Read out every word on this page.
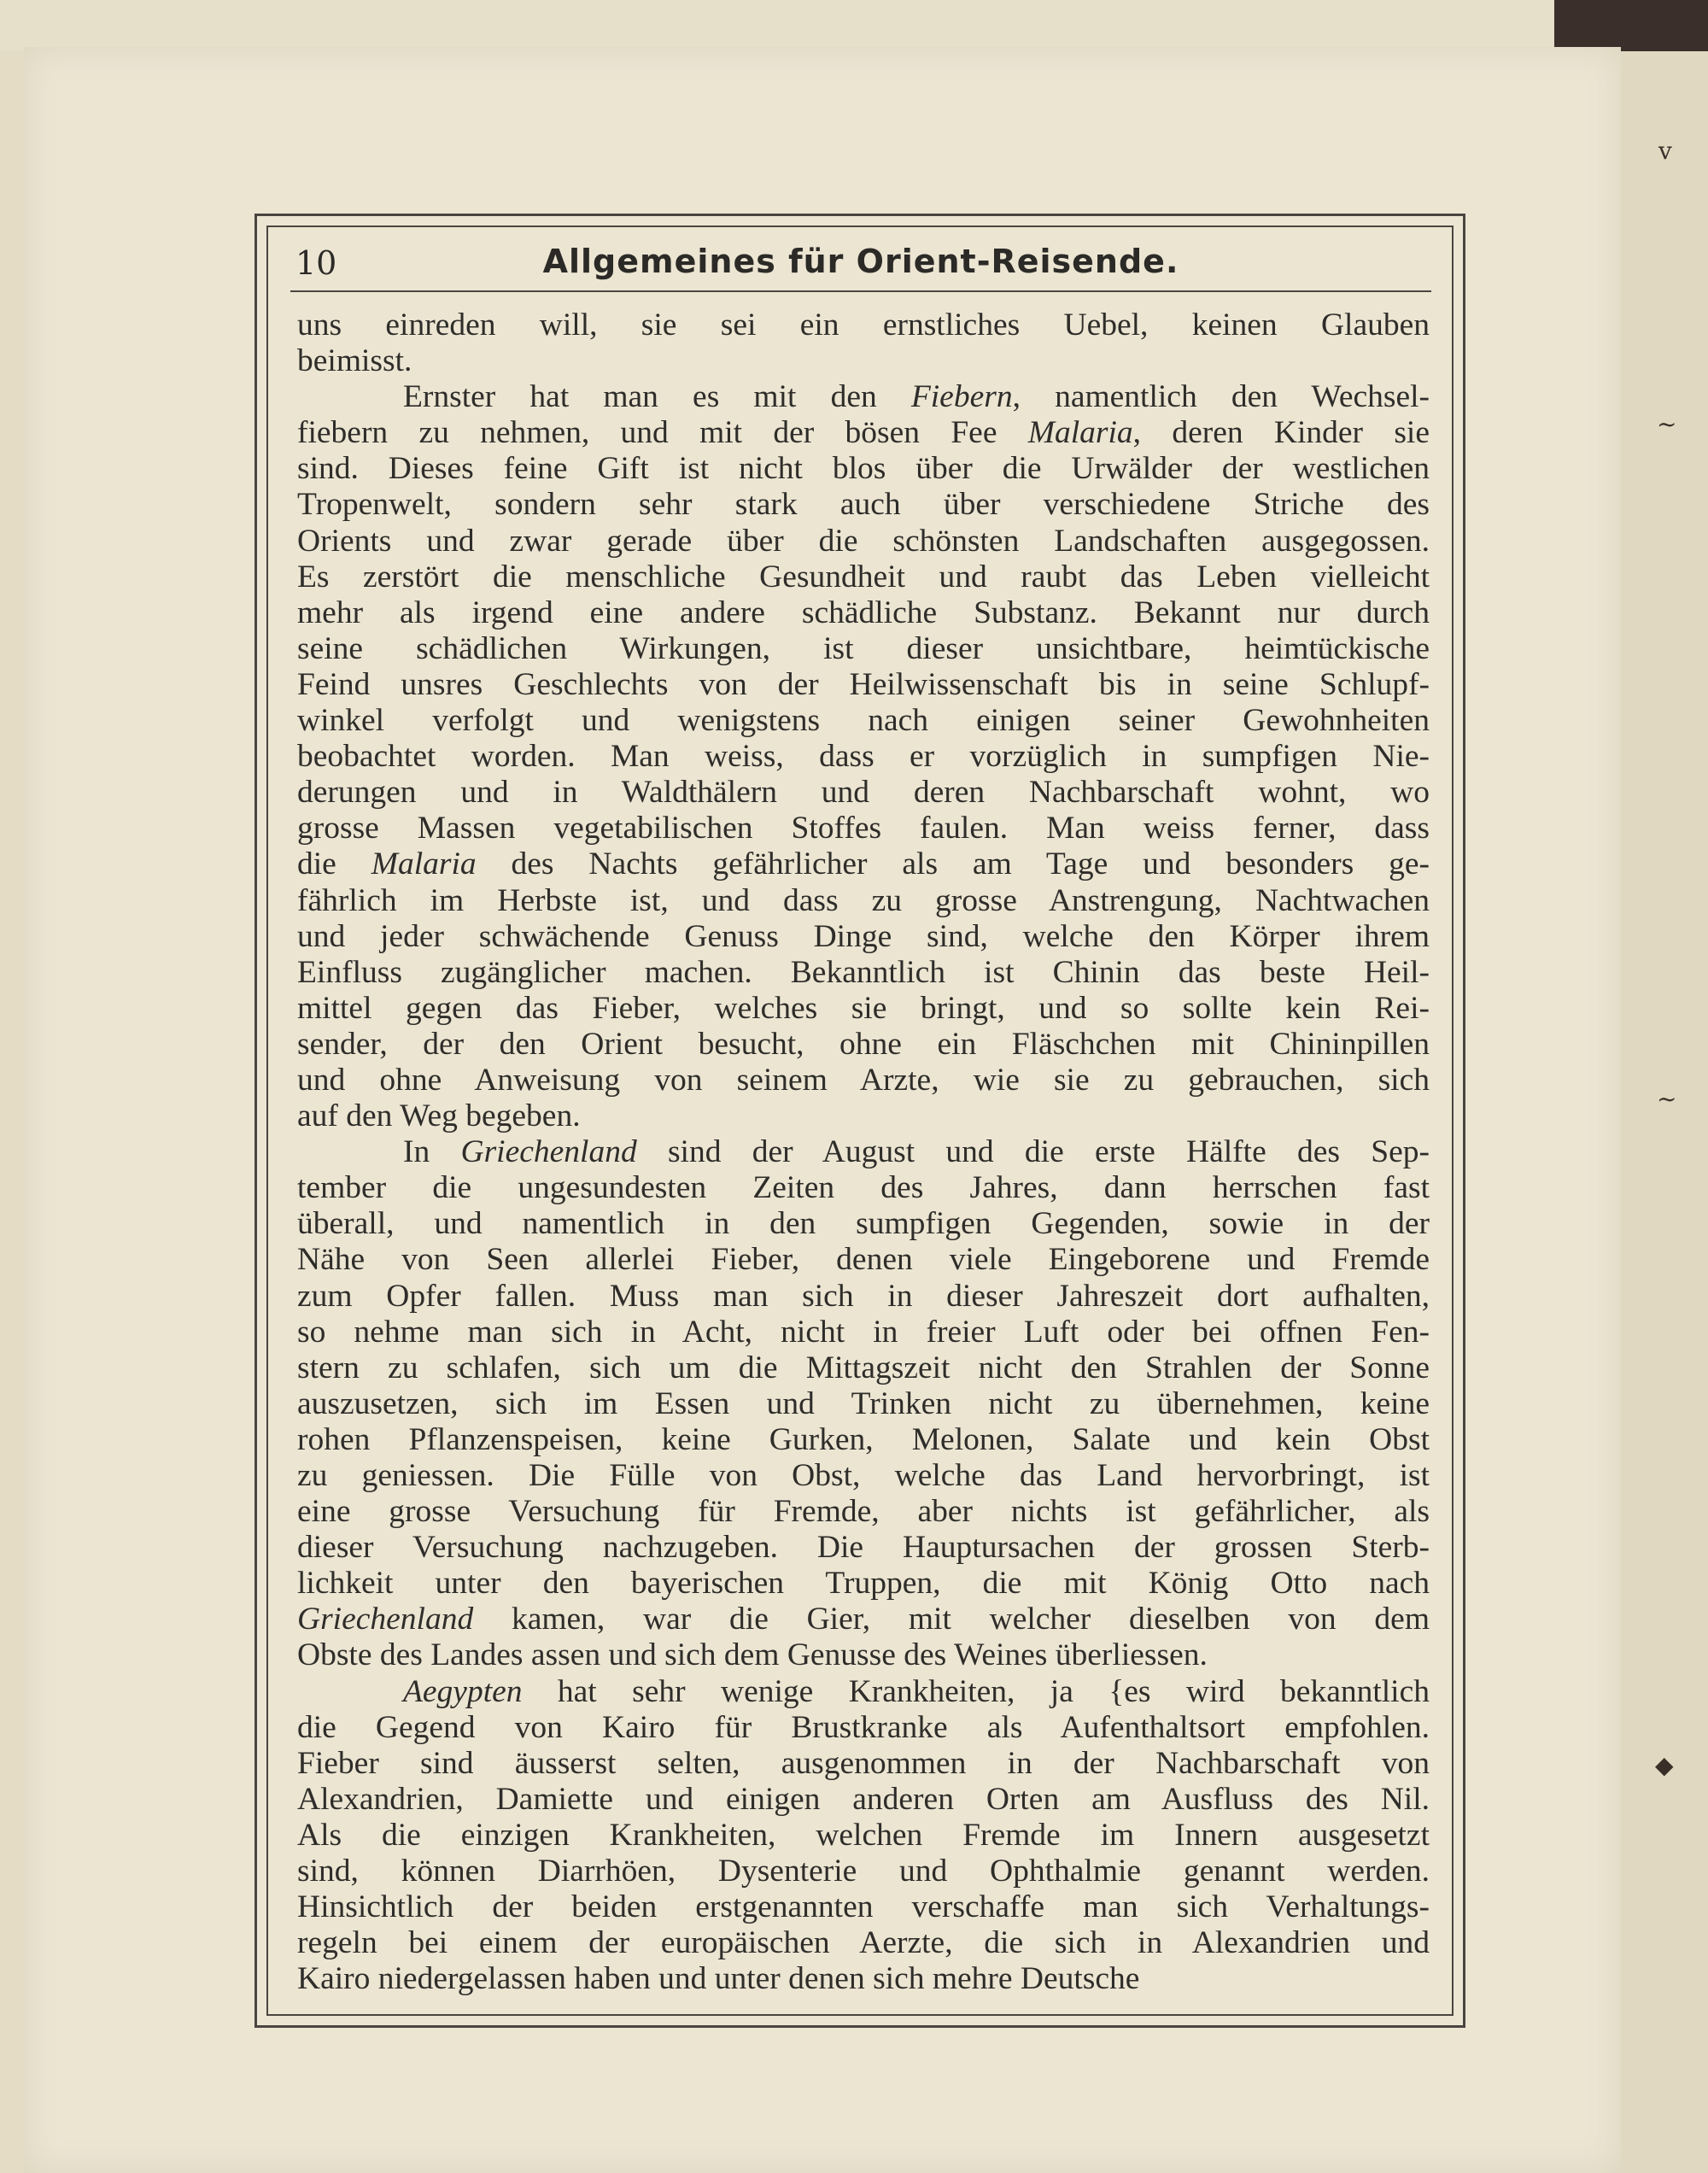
v
~
~
◆
10	Allgemeines für Orient-Reisende.
uns einreden will, sie sei ein ernstliches Uebel, keinen Glauben
beimisst.
Ernster hat man es mit den Fiebern, namentlich den Wechsel-
fiebern zu nehmen, und mit der bösen Fee Malaria, deren Kinder sie
sind. Dieses feine Gift ist nicht blos über die Urwälder der westlichen
Tropenwelt, sondern sehr stark auch über verschiedene Striche des
Orients und zwar gerade über die schönsten Landschaften ausgegossen.
Es zerstört die menschliche Gesundheit und raubt das Leben vielleicht
mehr als irgend eine andere schädliche Substanz. Bekannt nur durch
seine schädlichen Wirkungen, ist dieser unsichtbare, heimtückische
Feind unsres Geschlechts von der Heilwissenschaft bis in seine Schlupf-
winkel verfolgt und wenigstens nach einigen seiner Gewohnheiten
beobachtet worden. Man weiss, dass er vorzüglich in sumpfigen Nie-
derungen und in Waldthälern und deren Nachbarschaft wohnt, wo
grosse Massen vegetabilischen Stoffes faulen. Man weiss ferner, dass
die Malaria des Nachts gefährlicher als am Tage und besonders ge-
fährlich im Herbste ist, und dass zu grosse Anstrengung, Nachtwachen
und jeder schwächende Genuss Dinge sind, welche den Körper ihrem
Einfluss zugänglicher machen. Bekanntlich ist Chinin das beste Heil-
mittel gegen das Fieber, welches sie bringt, und so sollte kein Rei-
sender, der den Orient besucht, ohne ein Fläschchen mit Chininpillen
und ohne Anweisung von seinem Arzte, wie sie zu gebrauchen, sich
auf den Weg begeben.
In Griechenland sind der August und die erste Hälfte des Sep-
tember die ungesundesten Zeiten des Jahres, dann herrschen fast
überall, und namentlich in den sumpfigen Gegenden, sowie in der
Nähe von Seen allerlei Fieber, denen viele Eingeborene und Fremde
zum Opfer fallen. Muss man sich in dieser Jahreszeit dort aufhalten,
so nehme man sich in Acht, nicht in freier Luft oder bei offnen Fen-
stern zu schlafen, sich um die Mittagszeit nicht den Strahlen der Sonne
auszusetzen, sich im Essen und Trinken nicht zu übernehmen, keine
rohen Pflanzenspeisen, keine Gurken, Melonen, Salate und kein Obst
zu geniessen. Die Fülle von Obst, welche das Land hervorbringt, ist
eine grosse Versuchung für Fremde, aber nichts ist gefährlicher, als
dieser Versuchung nachzugeben. Die Hauptursachen der grossen Sterb-
lichkeit unter den bayerischen Truppen, die mit König Otto nach
Griechenland kamen, war die Gier, mit welcher dieselben von dem
Obste des Landes assen und sich dem Genusse des Weines überliessen.
Aegypten hat sehr wenige Krankheiten, ja {es wird bekanntlich
die Gegend von Kairo für Brustkranke als Aufenthaltsort empfohlen.
Fieber sind äusserst selten, ausgenommen in der Nachbarschaft von
Alexandrien, Damiette und einigen anderen Orten am Ausfluss des Nil.
Als die einzigen Krankheiten, welchen Fremde im Innern ausgesetzt
sind, können Diarrhöen, Dysenterie und Ophthalmie genannt werden.
Hinsichtlich der beiden erstgenannten verschaffe man sich Verhaltungs-
regeln bei einem der europäischen Aerzte, die sich in Alexandrien und
Kairo niedergelassen haben und unter denen sich mehre Deutsche
